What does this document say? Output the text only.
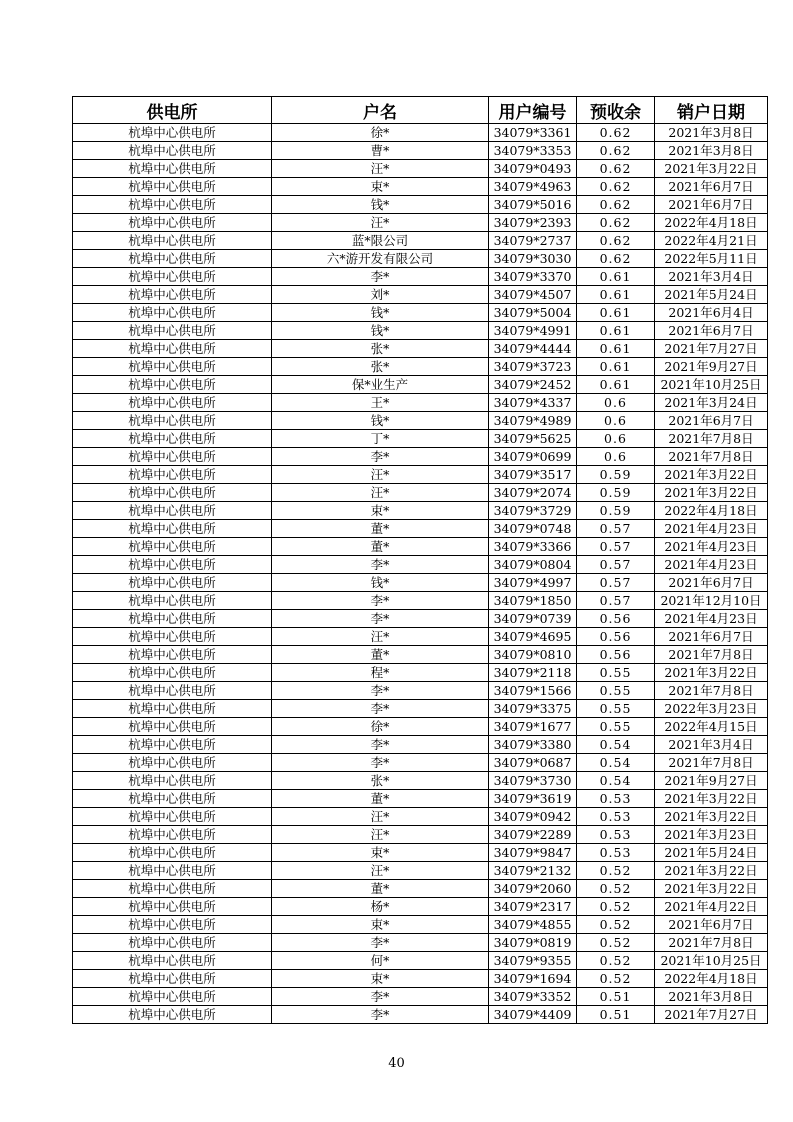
供电所	户名	用户编号	预收余	销户日期
杭埠中心供电所	徐*	34079*3361	0.62	2021年3月8日
杭埠中心供电所	曹*	34079*3353	0.62	2021年3月8日
杭埠中心供电所	汪*	34079*0493	0.62	2021年3月22日
杭埠中心供电所	束*	34079*4963	0.62	2021年6月7日
杭埠中心供电所	钱*	34079*5016	0.62	2021年6月7日
杭埠中心供电所	汪*	34079*2393	0.62	2022年4月18日
杭埠中心供电所	蓝*限公司	34079*2737	0.62	2022年4月21日
杭埠中心供电所	六*游开发有限公司	34079*3030	0.62	2022年5月11日
杭埠中心供电所	李*	34079*3370	0.61	2021年3月4日
杭埠中心供电所	刘*	34079*4507	0.61	2021年5月24日
杭埠中心供电所	钱*	34079*5004	0.61	2021年6月4日
杭埠中心供电所	钱*	34079*4991	0.61	2021年6月7日
杭埠中心供电所	张*	34079*4444	0.61	2021年7月27日
杭埠中心供电所	张*	34079*3723	0.61	2021年9月27日
杭埠中心供电所	保*业生产	34079*2452	0.61	2021年10月25日
杭埠中心供电所	王*	34079*4337	0.6	2021年3月24日
杭埠中心供电所	钱*	34079*4989	0.6	2021年6月7日
杭埠中心供电所	丁*	34079*5625	0.6	2021年7月8日
杭埠中心供电所	李*	34079*0699	0.6	2021年7月8日
杭埠中心供电所	汪*	34079*3517	0.59	2021年3月22日
杭埠中心供电所	汪*	34079*2074	0.59	2021年3月22日
杭埠中心供电所	束*	34079*3729	0.59	2022年4月18日
杭埠中心供电所	董*	34079*0748	0.57	2021年4月23日
杭埠中心供电所	董*	34079*3366	0.57	2021年4月23日
杭埠中心供电所	李*	34079*0804	0.57	2021年4月23日
杭埠中心供电所	钱*	34079*4997	0.57	2021年6月7日
杭埠中心供电所	李*	34079*1850	0.57	2021年12月10日
杭埠中心供电所	李*	34079*0739	0.56	2021年4月23日
杭埠中心供电所	汪*	34079*4695	0.56	2021年6月7日
杭埠中心供电所	董*	34079*0810	0.56	2021年7月8日
杭埠中心供电所	程*	34079*2118	0.55	2021年3月22日
杭埠中心供电所	李*	34079*1566	0.55	2021年7月8日
杭埠中心供电所	李*	34079*3375	0.55	2022年3月23日
杭埠中心供电所	徐*	34079*1677	0.55	2022年4月15日
杭埠中心供电所	李*	34079*3380	0.54	2021年3月4日
杭埠中心供电所	李*	34079*0687	0.54	2021年7月8日
杭埠中心供电所	张*	34079*3730	0.54	2021年9月27日
杭埠中心供电所	董*	34079*3619	0.53	2021年3月22日
杭埠中心供电所	汪*	34079*0942	0.53	2021年3月22日
杭埠中心供电所	汪*	34079*2289	0.53	2021年3月23日
杭埠中心供电所	束*	34079*9847	0.53	2021年5月24日
杭埠中心供电所	汪*	34079*2132	0.52	2021年3月22日
杭埠中心供电所	董*	34079*2060	0.52	2021年3月22日
杭埠中心供电所	杨*	34079*2317	0.52	2021年4月22日
杭埠中心供电所	束*	34079*4855	0.52	2021年6月7日
杭埠中心供电所	李*	34079*0819	0.52	2021年7月8日
杭埠中心供电所	何*	34079*9355	0.52	2021年10月25日
杭埠中心供电所	束*	34079*1694	0.52	2022年4月18日
杭埠中心供电所	李*	34079*3352	0.51	2021年3月8日
杭埠中心供电所	李*	34079*4409	0.51	2021年7月27日
40
